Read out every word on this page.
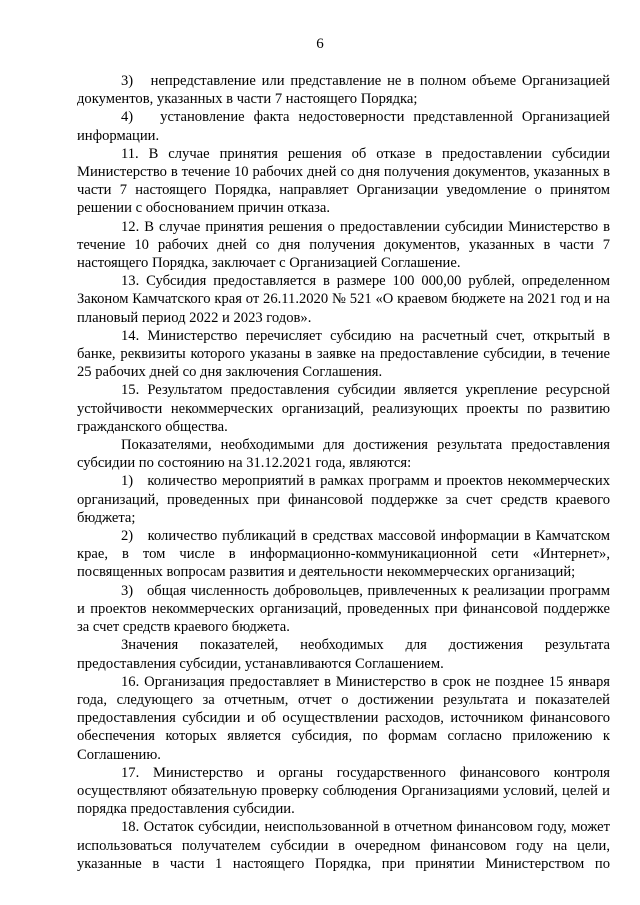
6

3)   непредставление или представление не в полном объеме Организацией документов, указанных в части 7 настоящего Порядка;

4)   установление факта недостоверности представленной Организацией информации.

11. В случае принятия решения об отказе в предоставлении субсидии Министерство в течение 10 рабочих дней со дня получения документов, указанных в части 7 настоящего Порядка, направляет Организации уведомление о принятом решении с обоснованием причин отказа.

12. В случае принятия решения о предоставлении субсидии Министерство в течение 10 рабочих дней со дня получения документов, указанных в части 7 настоящего Порядка, заключает с Организацией Соглашение.

13. Субсидия предоставляется в размере 100 000,00 рублей, определенном Законом Камчатского края от 26.11.2020 № 521 «О краевом бюджете на 2021 год и на плановый период 2022 и 2023 годов».

14. Министерство перечисляет субсидию на расчетный счет, открытый в банке, реквизиты которого указаны в заявке на предоставление субсидии, в течение 25 рабочих дней со дня заключения Соглашения.

15. Результатом предоставления субсидии является укрепление ресурсной устойчивости некоммерческих организаций, реализующих проекты по развитию гражданского общества.

Показателями, необходимыми для достижения результата предоставления субсидии по состоянию на 31.12.2021 года, являются:

1)   количество мероприятий в рамках программ и проектов некоммерческих организаций, проведенных при финансовой поддержке за счет средств краевого бюджета;

2)   количество публикаций в средствах массовой информации в Камчатском крае, в том числе в информационно-коммуникационной сети «Интернет», посвященных вопросам развития и деятельности некоммерческих организаций;

3)   общая численность добровольцев, привлеченных к реализации программ и проектов некоммерческих организаций, проведенных при финансовой поддержке за счет средств краевого бюджета.

Значения показателей, необходимых для достижения результата предоставления субсидии, устанавливаются Соглашением.

16. Организация предоставляет в Министерство в срок не позднее 15 января года, следующего за отчетным, отчет о достижении результата и показателей предоставления субсидии и об осуществлении расходов, источником финансового обеспечения которых является субсидия, по формам согласно приложению к Соглашению.

17. Министерство и органы государственного финансового контроля осуществляют обязательную проверку соблюдения Организациями условий, целей и порядка предоставления субсидии.

18. Остаток субсидии, неиспользованной в отчетном финансовом году, может использоваться получателем субсидии в очередном финансовом году на цели, указанные в части 1 настоящего Порядка, при принятии Министерством по
